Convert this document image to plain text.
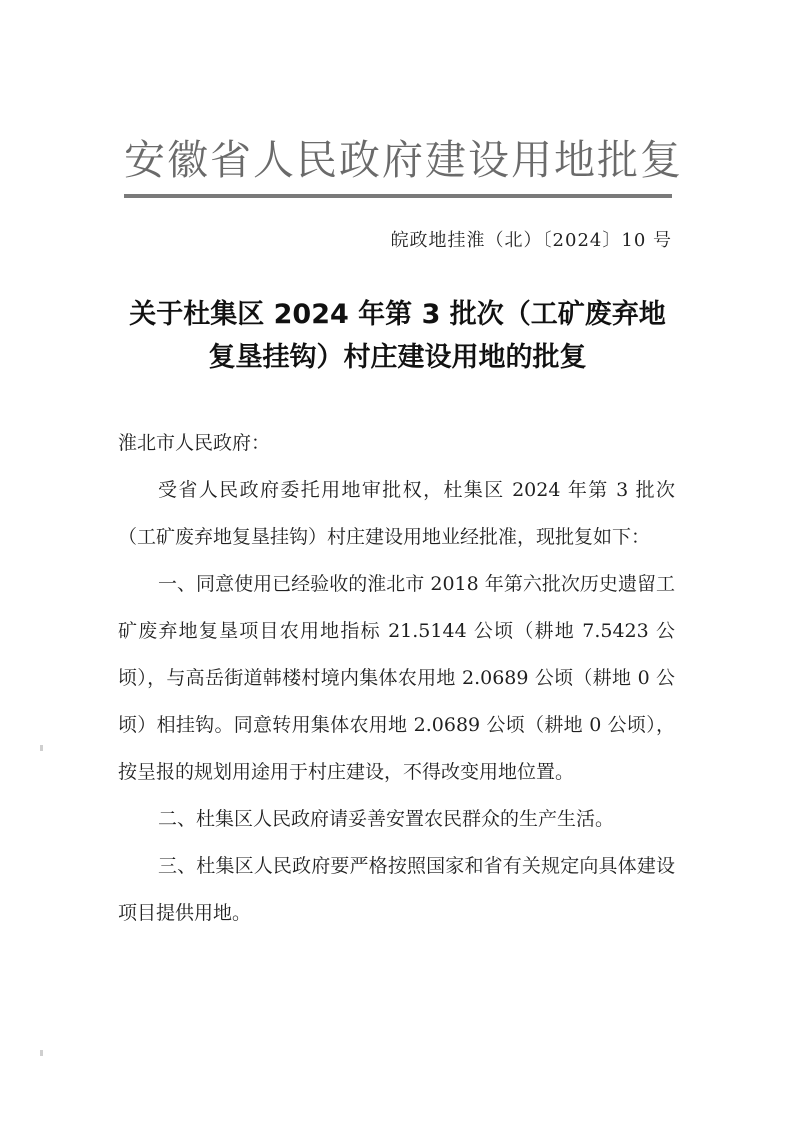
安徽省人民政府建设用地批复
皖政地挂淮（北）〔2024〕10 号
关于杜集区 2024 年第 3 批次（工矿废弃地
复垦挂钩）村庄建设用地的批复

淮北市人民政府：

受省人民政府委托用地审批权，杜集区 2024 年第 3 批次（工矿废弃地复垦挂钩）村庄建设用地业经批准，现批复如下：

一、同意使用已经验收的淮北市 2018 年第六批次历史遗留工矿废弃地复垦项目农用地指标 21.5144 公顷（耕地 7.5423 公顷），与高岳街道韩楼村境内集体农用地 2.0689 公顷（耕地 0 公顷）相挂钩。同意转用集体农用地 2.0689 公顷（耕地 0 公顷），按呈报的规划用途用于村庄建设，不得改变用地位置。

二、杜集区人民政府请妥善安置农民群众的生产生活。

三、杜集区人民政府要严格按照国家和省有关规定向具体建设项目提供用地。
